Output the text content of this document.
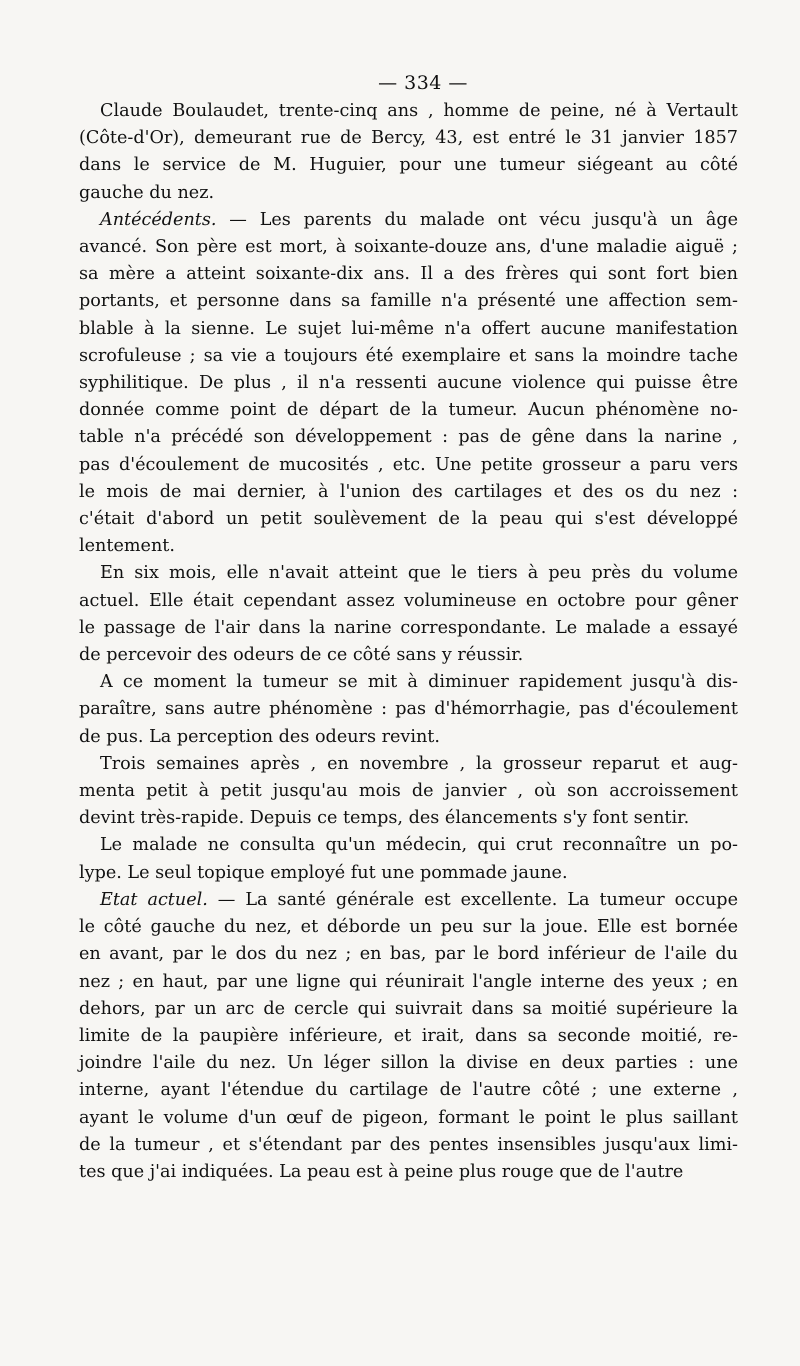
— 334 —
Claude Boulaudet, trente-cinq ans , homme de peine, né à Vertault
(Côte-d'Or), demeurant rue de Bercy, 43, est entré le 31 janvier 1857
dans le service de M. Huguier, pour une tumeur siégeant au côté
gauche du nez.
Antécédents. — Les parents du malade ont vécu jusqu'à un âge
avancé. Son père est mort, à soixante-douze ans, d'une maladie aiguë ;
sa mère a atteint soixante-dix ans. Il a des frères qui sont fort bien
portants, et personne dans sa famille n'a présenté une affection sem-
blable à la sienne. Le sujet lui-même n'a offert aucune manifestation
scrofuleuse ; sa vie a toujours été exemplaire et sans la moindre tache
syphilitique. De plus , il n'a ressenti aucune violence qui puisse être
donnée comme point de départ de la tumeur. Aucun phénomène no-
table n'a précédé son développement : pas de gêne dans la narine ,
pas d'écoulement de mucosités , etc. Une petite grosseur a paru vers
le mois de mai dernier, à l'union des cartilages et des os du nez :
c'était d'abord un petit soulèvement de la peau qui s'est développé
lentement.
En six mois, elle n'avait atteint que le tiers à peu près du volume
actuel. Elle était cependant assez volumineuse en octobre pour gêner
le passage de l'air dans la narine correspondante. Le malade a essayé
de percevoir des odeurs de ce côté sans y réussir.
A ce moment la tumeur se mit à diminuer rapidement jusqu'à dis-
paraître, sans autre phénomène : pas d'hémorrhagie, pas d'écoulement
de pus. La perception des odeurs revint.
Trois semaines après , en novembre , la grosseur reparut et aug-
menta petit à petit jusqu'au mois de janvier , où son accroissement
devint très-rapide. Depuis ce temps, des élancements s'y font sentir.
Le malade ne consulta qu'un médecin, qui crut reconnaître un po-
lype. Le seul topique employé fut une pommade jaune.
Etat actuel. — La santé générale est excellente. La tumeur occupe
le côté gauche du nez, et déborde un peu sur la joue. Elle est bornée
en avant, par le dos du nez ; en bas, par le bord inférieur de l'aile du
nez ; en haut, par une ligne qui réunirait l'angle interne des yeux ; en
dehors, par un arc de cercle qui suivrait dans sa moitié supérieure la
limite de la paupière inférieure, et irait, dans sa seconde moitié, re-
joindre l'aile du nez. Un léger sillon la divise en deux parties : une
interne, ayant l'étendue du cartilage de l'autre côté ; une externe ,
ayant le volume d'un œuf de pigeon, formant le point le plus saillant
de la tumeur , et s'étendant par des pentes insensibles jusqu'aux limi-
tes que j'ai indiquées. La peau est à peine plus rouge que de l'autre
